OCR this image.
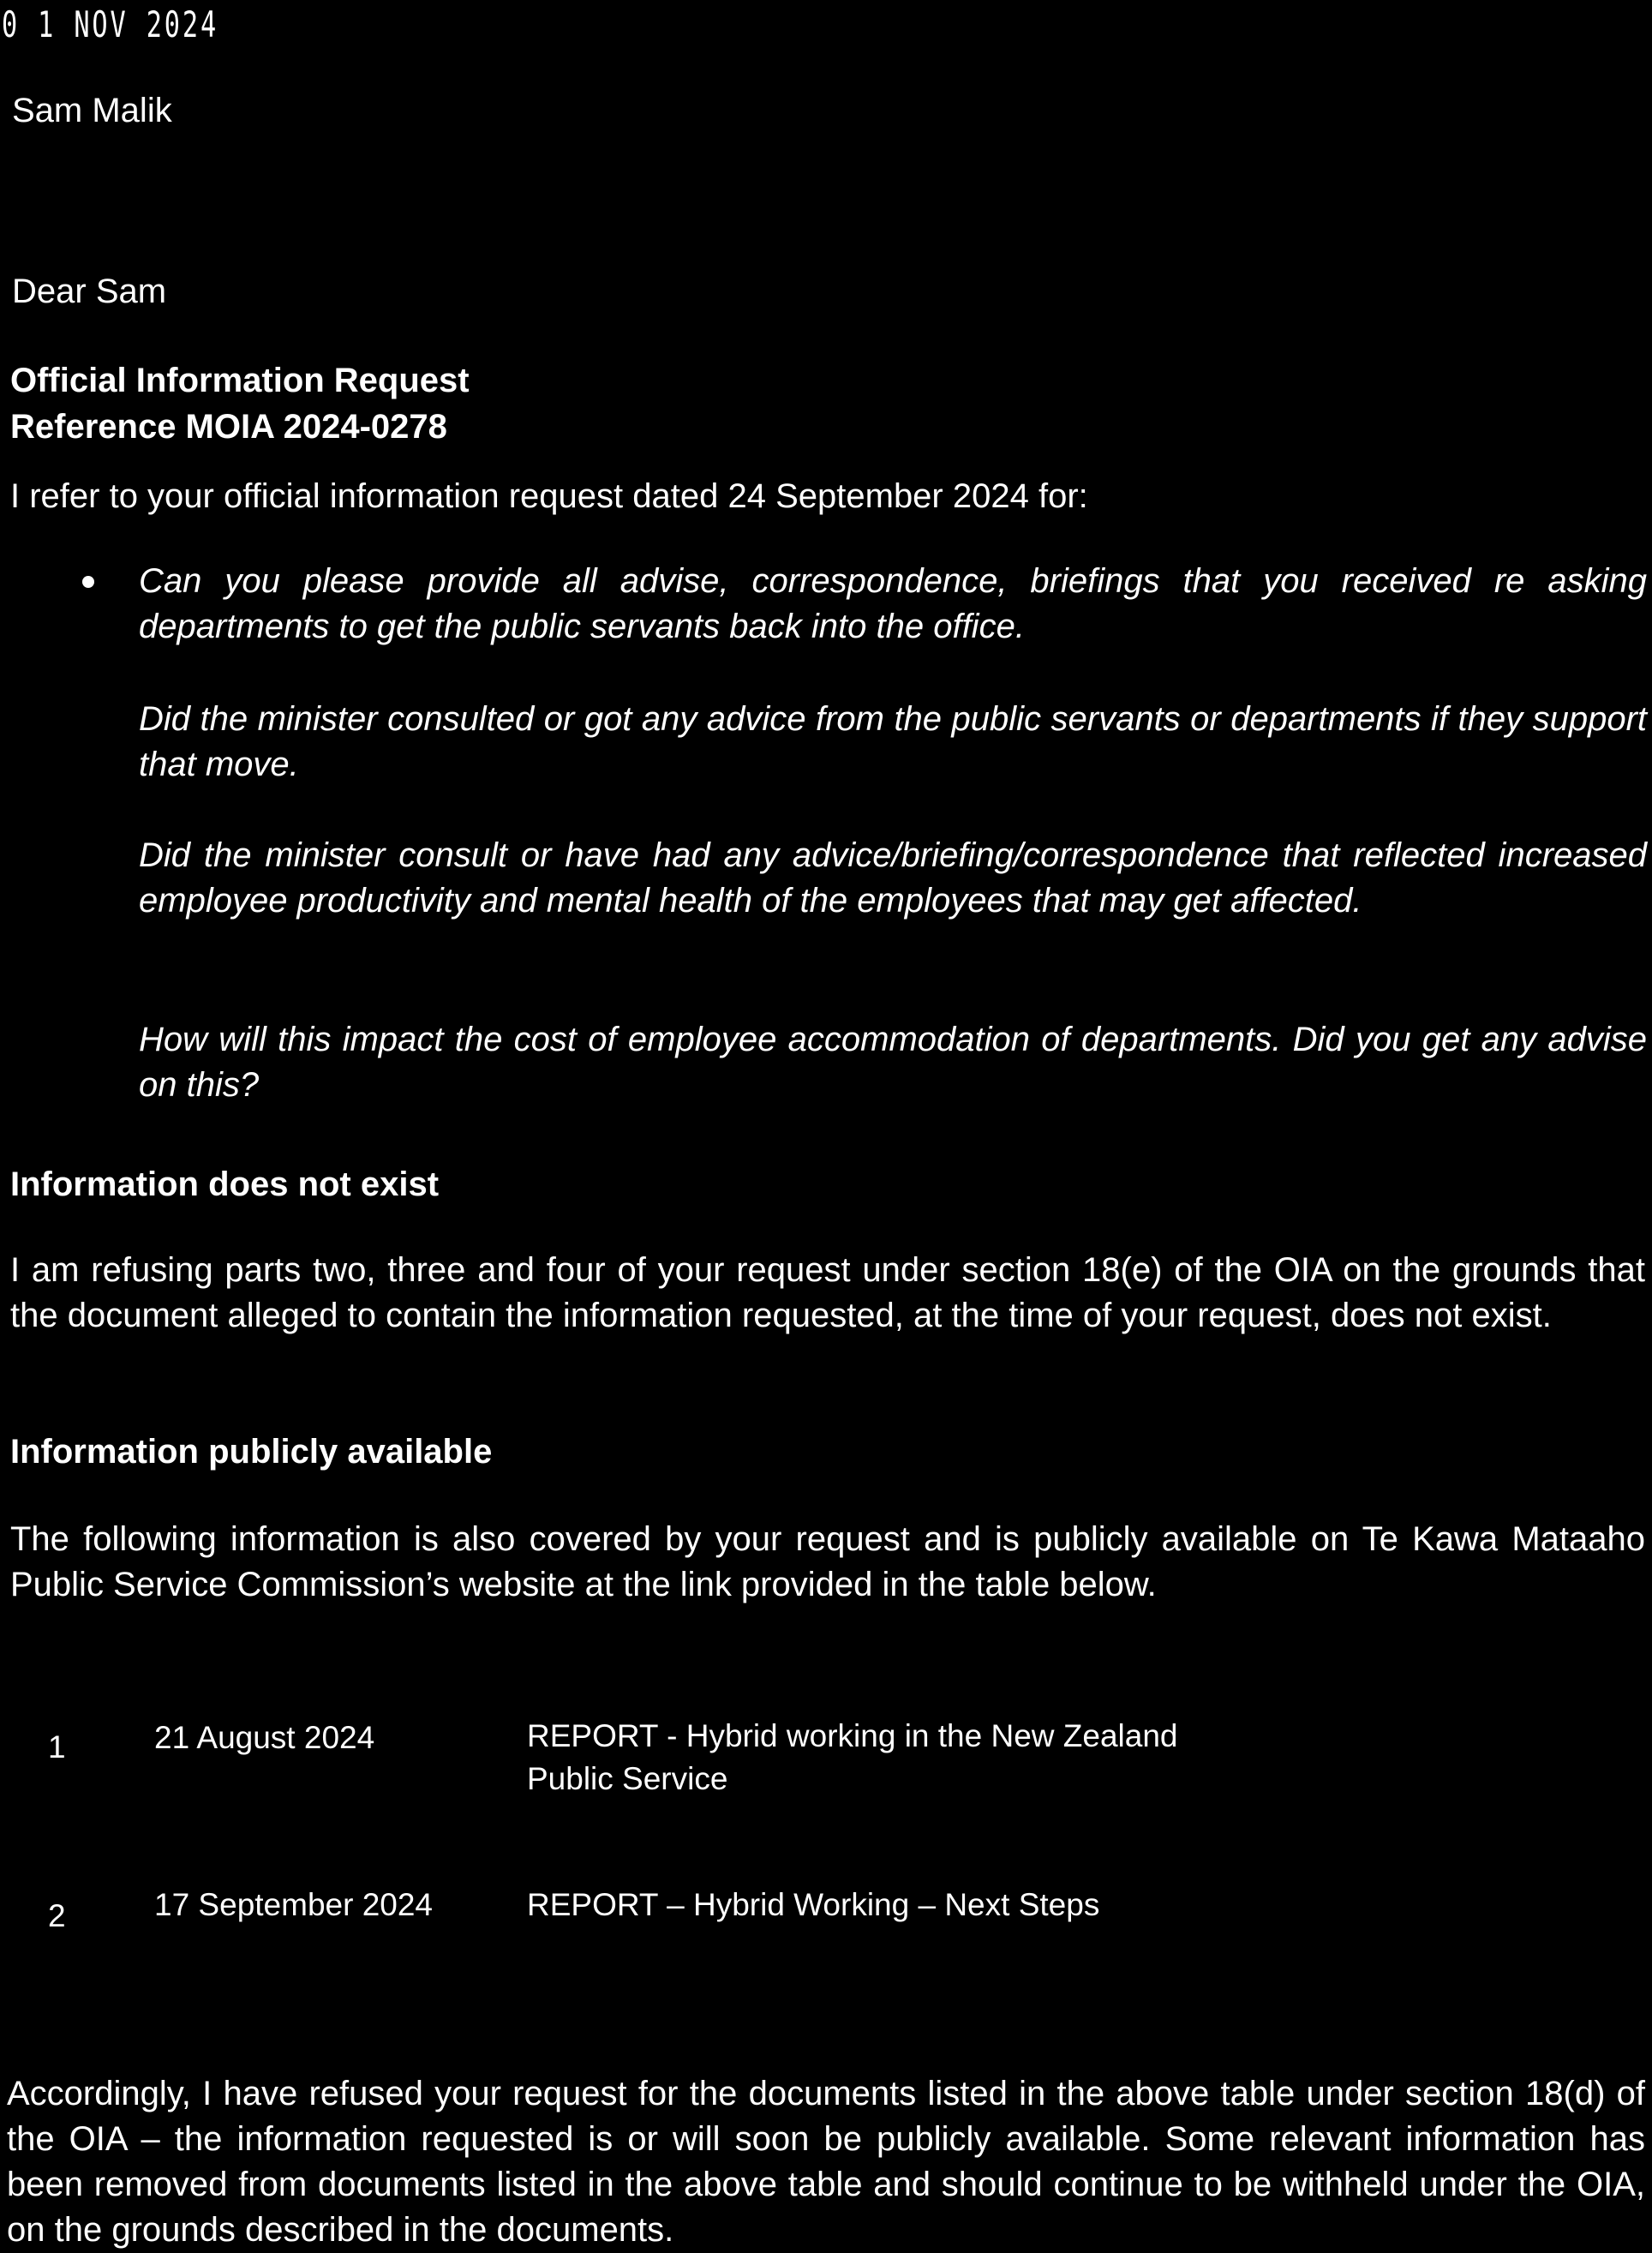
0 1 NOV 2024
Sam Malik
Dear Sam
Official Information Request
Reference MOIA 2024-0278
I refer to your official information request dated 24 September 2024 for:
Can you please provide all advise, correspondence, briefings that you received re asking departments to get the public servants back into the office.
Did the minister consulted or got any advice from the public servants or departments if they support that move.
Did the minister consult or have had any advice/briefing/correspondence that reflected increased employee productivity and mental health of the employees that may get affected.
How will this impact the cost of employee accommodation of departments. Did you get any advise on this?
Information does not exist
I am refusing parts two, three and four of your request under section 18(e) of the OIA on the grounds that the document alleged to contain the information requested, at the time of your request, does not exist.
Information publicly available
The following information is also covered by your request and is publicly available on Te Kawa Mataaho Public Service Commission’s website at the link provided in the table below.
1	21 August 2024	REPORT - Hybrid working in the New Zealand
Public Service
2	17 September 2024	REPORT – Hybrid Working – Next Steps
Accordingly, I have refused your request for the documents listed in the above table under section 18(d) of the OIA – the information requested is or will soon be publicly available. Some relevant information has been removed from documents listed in the above table and should continue to be withheld under the OIA, on the grounds described in the documents.
